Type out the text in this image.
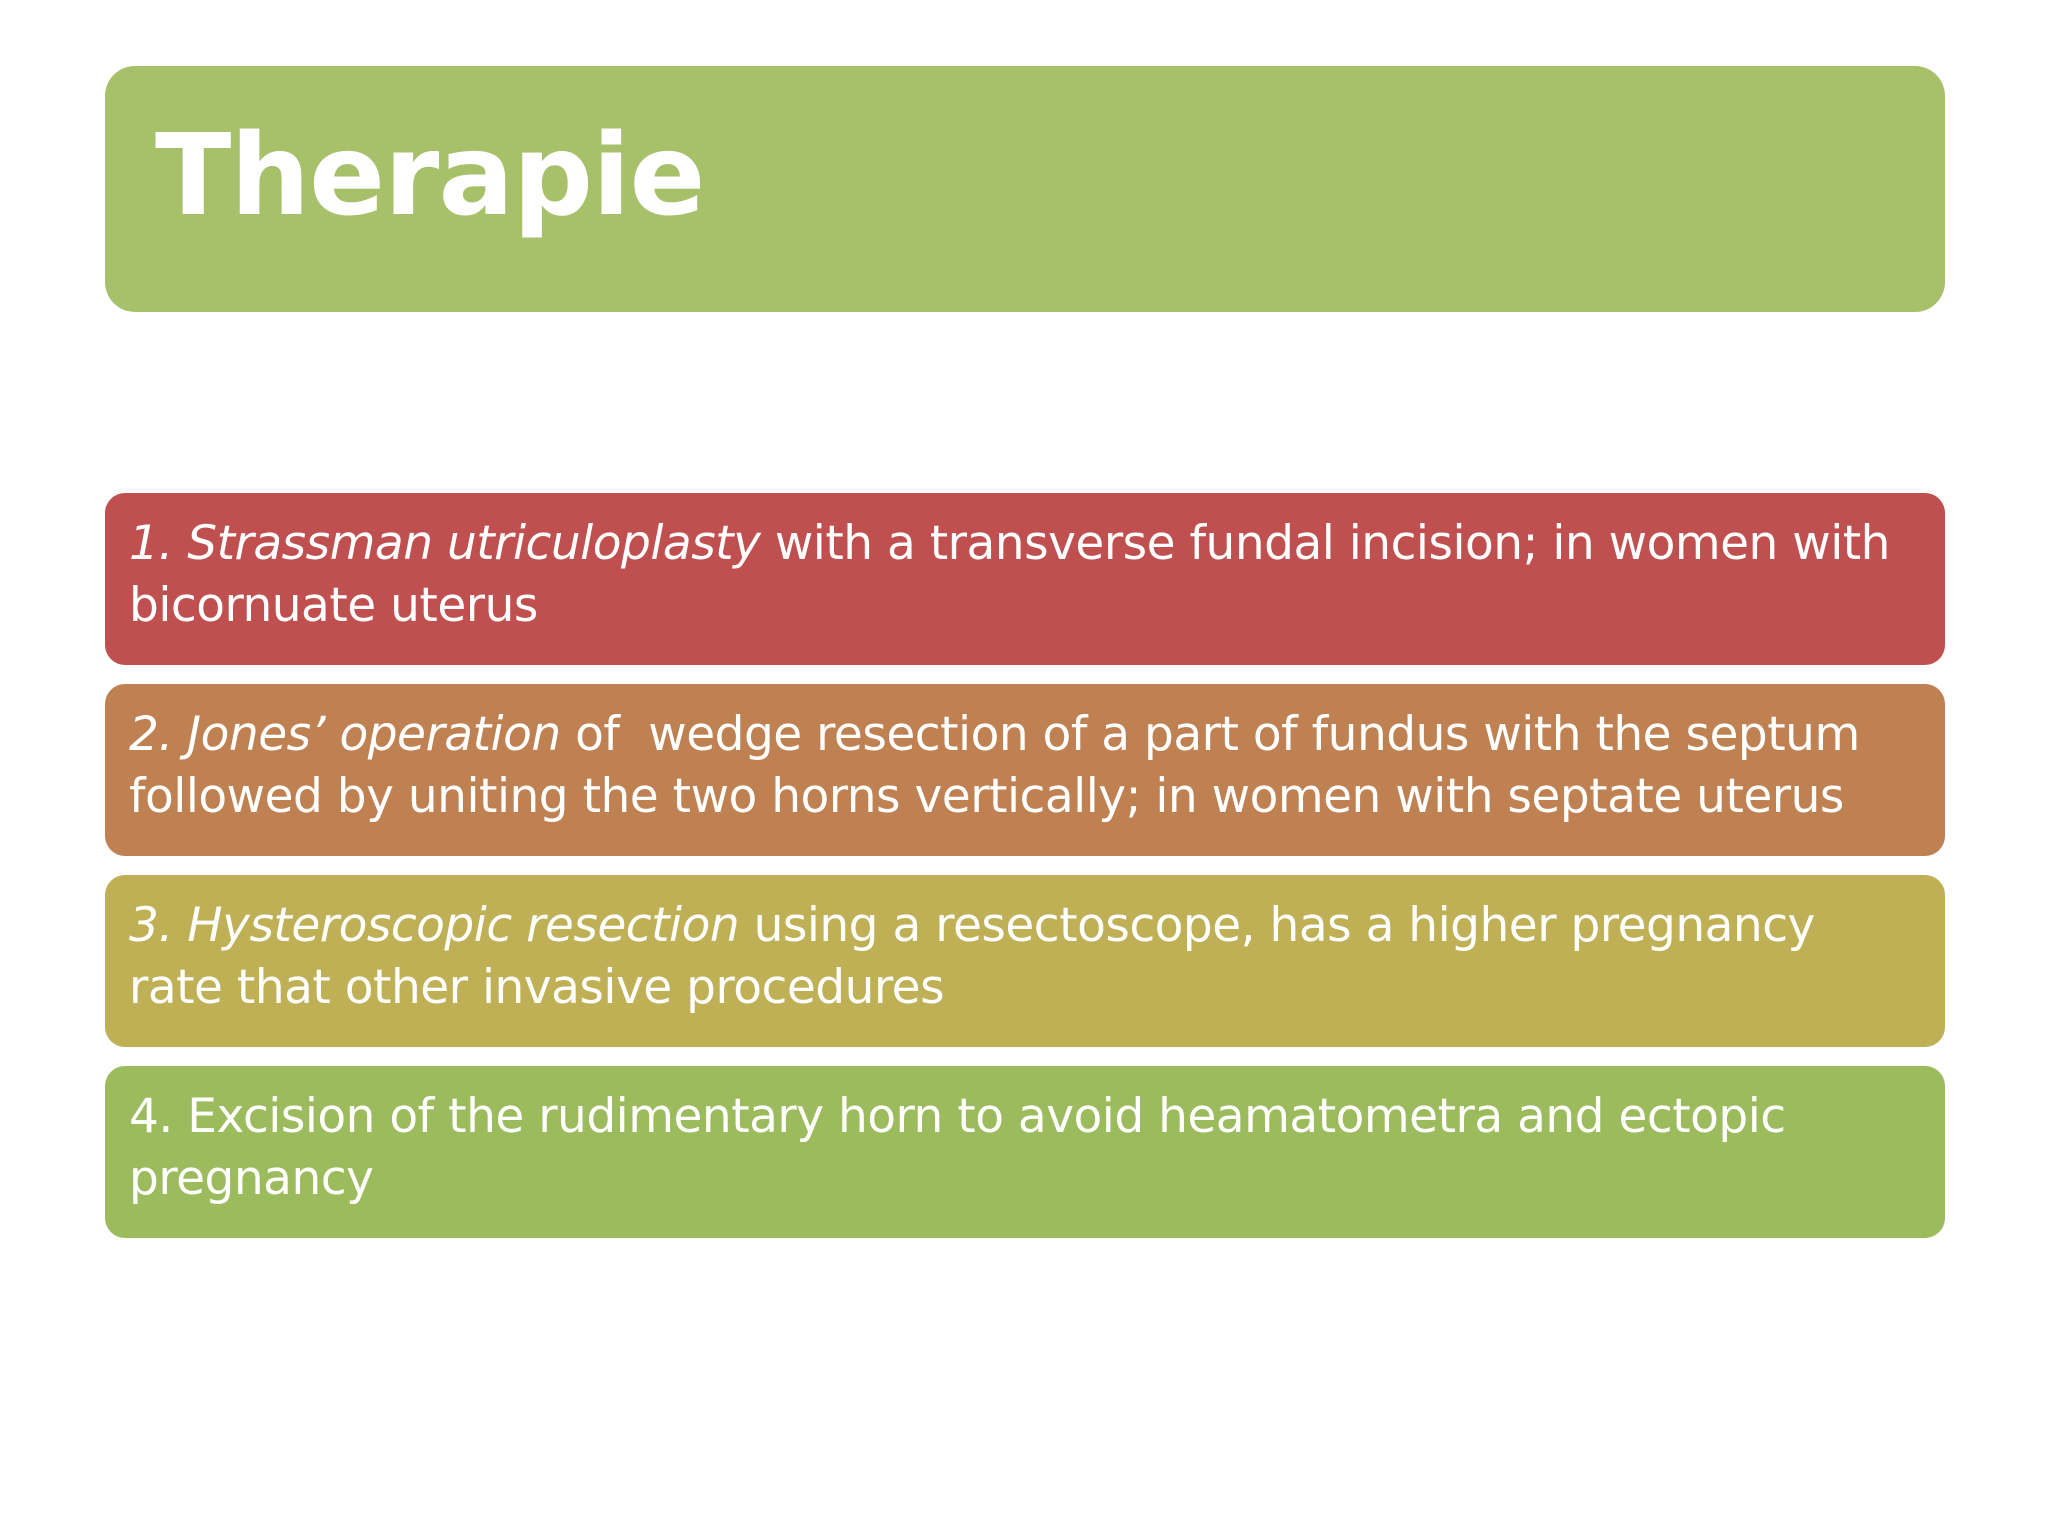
Therapie

1. Strassman utriculoplasty with a transverse fundal incision; in women with bicornuate uterus

2. Jones’ operation of  wedge resection of a part of fundus with the septum followed by uniting the two horns vertically; in women with septate uterus

3. Hysteroscopic resection using a resectoscope, has a higher pregnancy rate that other invasive procedures

4. Excision of the rudimentary horn to avoid heamatometra and ectopic pregnancy
